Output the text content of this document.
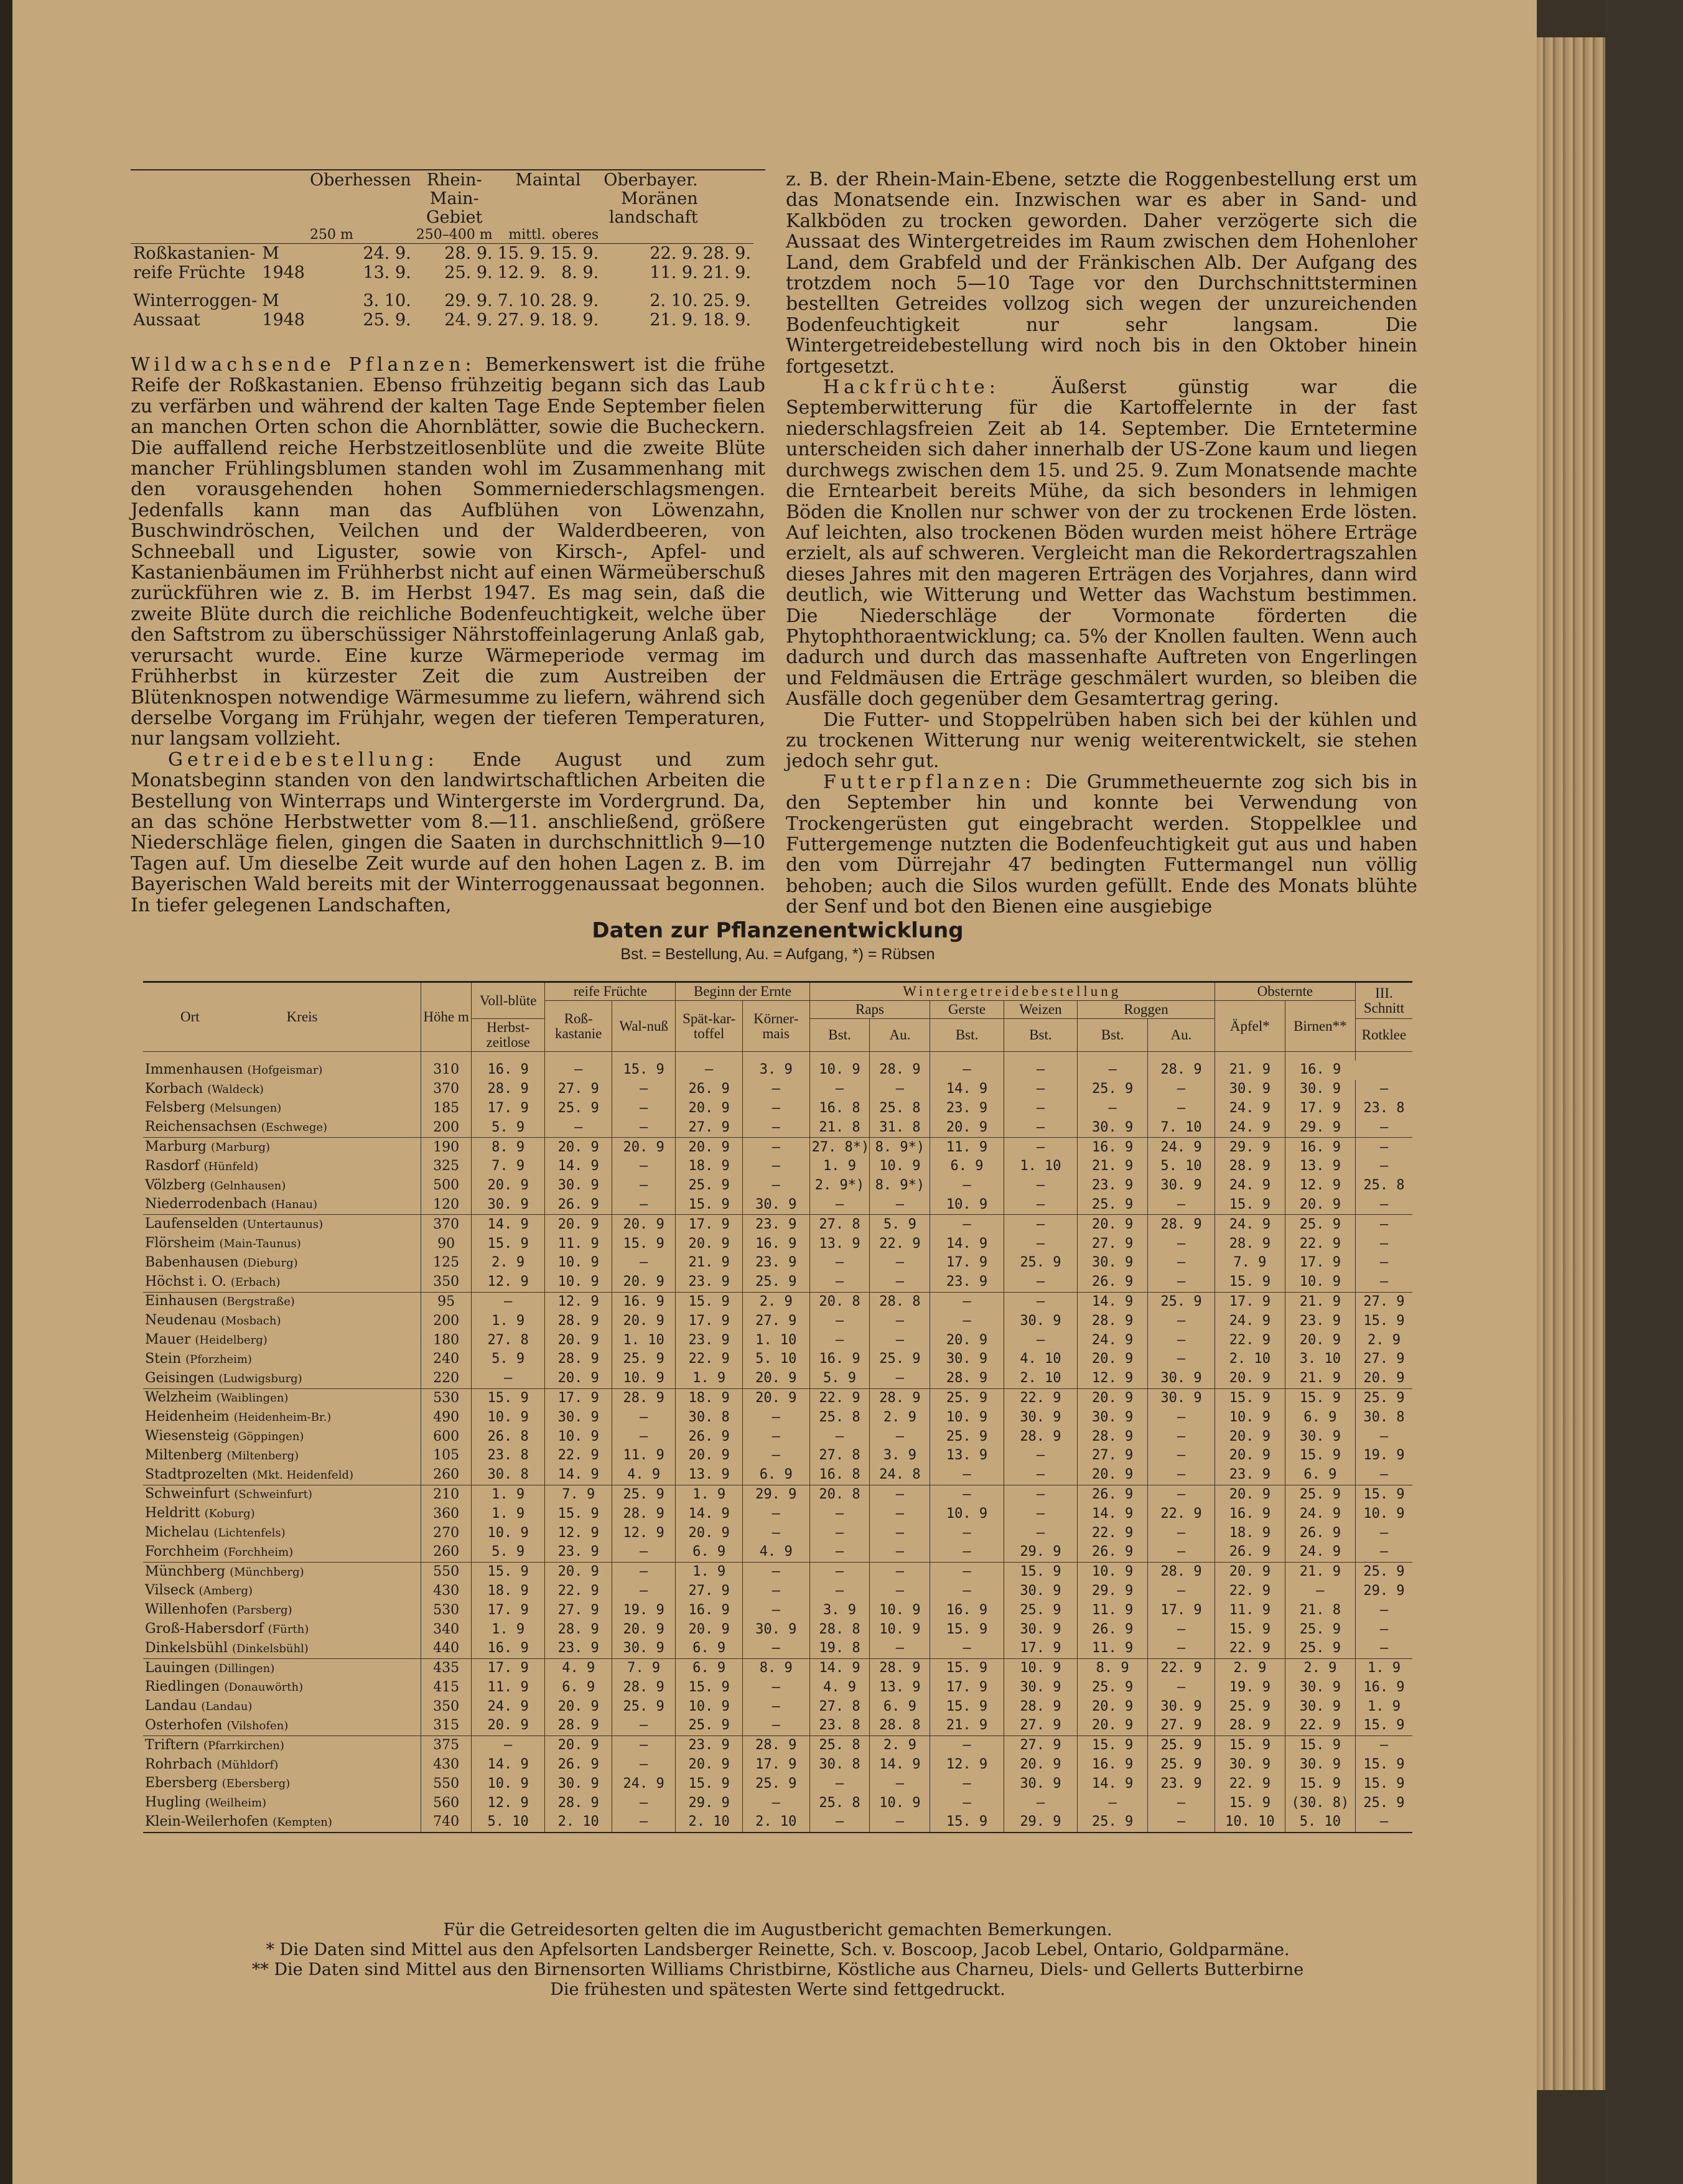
		Oberhessen	Rhein-Main-Gebiet	Maintal		Oberbayer. Moränen landschaft	
		250 m	250–400 m	mittl.	oberes		

Roßkastanien-	M	24. 9.	28. 9.	15. 9.	15. 9.	22. 9.	28. 9.
reife Früchte	1948	13. 9.	25. 9.	12. 9.	8. 9.	11. 9.	21. 9.
Winterroggen-	M	3. 10.	29. 9.	7. 10.	28. 9.	2. 10.	25. 9.
Aussaat	1948	25. 9.	24. 9.	27. 9.	18. 9.	21. 9.	18. 9.

Wildwachsende Pflanzen: Bemerkenswert ist die frühe Reife der Roßkastanien. Ebenso frühzeitig begann sich das Laub zu verfärben und während der kalten Tage Ende September fielen an manchen Orten schon die Ahornblätter, sowie die Bucheckern. Die auffallend reiche Herbstzeitlosenblüte und die zweite Blüte mancher Frühlingsblumen standen wohl im Zusammenhang mit den vorausgehenden hohen Sommerniederschlagsmengen. Jedenfalls kann man das Aufblühen von Löwenzahn, Buschwindröschen, Veilchen und der Walderdbeeren, von Schneeball und Liguster, sowie von Kirsch-, Apfel- und Kastanienbäumen im Frühherbst nicht auf einen Wärmeüberschuß zurückführen wie z. B. im Herbst 1947. Es mag sein, daß die zweite Blüte durch die reichliche Bodenfeuchtigkeit, welche über den Saftstrom zu überschüssiger Nährstoffeinlagerung Anlaß gab, verursacht wurde. Eine kurze Wärmeperiode vermag im Frühherbst in kürzester Zeit die zum Austreiben der Blütenknospen notwendige Wärmesumme zu liefern, während sich derselbe Vorgang im Frühjahr, wegen der tieferen Temperaturen, nur langsam vollzieht.

Getreidebestellung: Ende August und zum Monatsbeginn standen von den landwirtschaftlichen Arbeiten die Bestellung von Winterraps und Wintergerste im Vordergrund. Da, an das schöne Herbstwetter vom 8.—11. anschließend, größere Niederschläge fielen, gingen die Saaten in durchschnittlich 9—10 Tagen auf. Um dieselbe Zeit wurde auf den hohen Lagen z. B. im Bayerischen Wald bereits mit der Winterroggenaussaat begonnen. In tiefer gelegenen Landschaften,

z. B. der Rhein-Main-Ebene, setzte die Roggenbestellung erst um das Monatsende ein. Inzwischen war es aber in Sand- und Kalkböden zu trocken geworden. Daher verzögerte sich die Aussaat des Wintergetreides im Raum zwischen dem Hohenloher Land, dem Grabfeld und der Fränkischen Alb. Der Aufgang des trotzdem noch 5—10 Tage vor den Durchschnittsterminen bestellten Getreides vollzog sich wegen der unzureichenden Bodenfeuchtigkeit nur sehr langsam. Die Wintergetreidebestellung wird noch bis in den Oktober hinein fortgesetzt.

Hackfrüchte:	Äußerst günstig war die Septemberwitterung für die Kartoffelernte in der fast niederschlagsfreien Zeit ab 14. September. Die Erntetermine unterscheiden sich daher innerhalb der US-Zone kaum und liegen durchwegs zwischen dem 15. und 25. 9. Zum Monatsende machte die Erntearbeit bereits Mühe, da sich besonders in lehmigen Böden die Knollen nur schwer von der zu trockenen Erde lösten. Auf leichten, also trockenen Böden wurden meist höhere Erträge erzielt, als auf schweren. Vergleicht man die Rekordertragszahlen dieses Jahres mit den mageren Erträgen des Vorjahres, dann wird deutlich, wie Witterung und Wetter das Wachstum bestimmen. Die Niederschläge der Vormonate förderten die Phytophthoraentwicklung; ca. 5% der Knollen faulten. Wenn auch dadurch und durch das massenhafte Auftreten von Engerlingen und Feldmäusen die Erträge geschmälert wurden, so bleiben die Ausfälle doch gegenüber dem Gesamtertrag gering.

Die Futter- und Stoppelrüben haben sich bei der kühlen und zu trockenen Witterung nur wenig weiterentwickelt, sie stehen jedoch sehr gut.

Futterpflanzen: Die Grummetheuernte zog sich bis in den September hin und konnte bei Verwendung von Trockengerüsten gut eingebracht werden. Stoppelklee und Futtergemenge nutzten die Bodenfeuchtigkeit gut aus und haben den vom Dürrejahr 47 bedingten Futtermangel nun völlig behoben; auch die Silos wurden gefüllt. Ende des Monats blühte der Senf und bot den Bienen eine ausgiebige

Daten zur Pflanzenentwicklung
Bst. = Bestellung, Au. = Aufgang, *) = Rübsen
Ort Kreis	Höhe m	Voll-blüte	reife Früchte		Beginn der Ernte		Wintergetreidebestellung						Obsternte		III. Schnitt
			Roß-kastanie	Wal-nuß	Spät-kar-toffel	Körner-mais	Raps		Gerste	Weizen	Roggen		Äpfel*	Birnen**	
		Herbst-zeitlose					Bst.	Au.	Bst.	Bst.	Bst.	Au.			Rotklee

Immenhausen (Hofgeismar)	310	16. 9	—	15. 9	—	3. 9	10. 9	28. 9	—	—	—	28. 9	21. 9	16. 9	
Korbach (Waldeck)	370	28. 9	27. 9	—	26. 9	—	—	—	14. 9	—	25. 9	—	30. 9	30. 9	—
Felsberg (Melsungen)	185	17. 9	25. 9	—	20. 9	—	16. 8	25. 8	23. 9	—	—	—	24. 9	17. 9	23. 8
Reichensachsen (Eschwege)	200	5. 9	—	—	27. 9	—	21. 8	31. 8	20. 9	—	30. 9	7. 10	24. 9	29. 9	—
Marburg (Marburg)	190	8. 9	20. 9	20. 9	20. 9	—	27. 8*)	8. 9*)	11. 9	—	16. 9	24. 9	29. 9	16. 9	—
Rasdorf (Hünfeld)	325	7. 9	14. 9	—	18. 9	—	1. 9	10. 9	6. 9	1. 10	21. 9	5. 10	28. 9	13. 9	—
Völzberg (Gelnhausen)	500	20. 9	30. 9	—	25. 9	—	2. 9*)	8. 9*)	—	—	23. 9	30. 9	24. 9	12. 9	25. 8
Niederrodenbach (Hanau)	120	30. 9	26. 9	—	15. 9	30. 9	—	—	10. 9	—	25. 9	—	15. 9	20. 9	—
Laufenselden (Untertaunus)	370	14. 9	20. 9	20. 9	17. 9	23. 9	27. 8	5. 9	—	—	20. 9	28. 9	24. 9	25. 9	—
Flörsheim (Main-Taunus)	90	15. 9	11. 9	15. 9	20. 9	16. 9	13. 9	22. 9	14. 9	—	27. 9	—	28. 9	22. 9	—
Babenhausen (Dieburg)	125	2. 9	10. 9	—	21. 9	23. 9	—	—	17. 9	25. 9	30. 9	—	7. 9	17. 9	—
Höchst i. O. (Erbach)	350	12. 9	10. 9	20. 9	23. 9	25. 9	—	—	23. 9	—	26. 9	—	15. 9	10. 9	—
Einhausen (Bergstraße)	95	—	12. 9	16. 9	15. 9	2. 9	20. 8	28. 8	—	—	14. 9	25. 9	17. 9	21. 9	27. 9
Neudenau (Mosbach)	200	1. 9	28. 9	20. 9	17. 9	27. 9	—	—	—	30. 9	28. 9	—	24. 9	23. 9	15. 9
Mauer (Heidelberg)	180	27. 8	20. 9	1. 10	23. 9	1. 10	—	—	20. 9	—	24. 9	—	22. 9	20. 9	2. 9
Stein (Pforzheim)	240	5. 9	28. 9	25. 9	22. 9	5. 10	16. 9	25. 9	30. 9	4. 10	20. 9	—	2. 10	3. 10	27. 9
Geisingen (Ludwigsburg)	220	—	20. 9	10. 9	1. 9	20. 9	5. 9	—	28. 9	2. 10	12. 9	30. 9	20. 9	21. 9	20. 9
Welzheim (Waiblingen)	530	15. 9	17. 9	28. 9	18. 9	20. 9	22. 9	28. 9	25. 9	22. 9	20. 9	30. 9	15. 9	15. 9	25. 9
Heidenheim (Heidenheim-Br.)	490	10. 9	30. 9	—	30. 8	—	25. 8	2. 9	10. 9	30. 9	30. 9	—	10. 9	6. 9	30. 8
Wiesensteig (Göppingen)	600	26. 8	10. 9	—	26. 9	—	—	—	25. 9	28. 9	28. 9	—	20. 9	30. 9	—
Miltenberg (Miltenberg)	105	23. 8	22. 9	11. 9	20. 9	—	27. 8	3. 9	13. 9	—	27. 9	—	20. 9	15. 9	19. 9
Stadtprozelten (Mkt. Heidenfeld)	260	30. 8	14. 9	4. 9	13. 9	6. 9	16. 8	24. 8	—	—	20. 9	—	23. 9	6. 9	—
Schweinfurt (Schweinfurt)	210	1. 9	7. 9	25. 9	1. 9	29. 9	20. 8	—	—	—	26. 9	—	20. 9	25. 9	15. 9
Heldritt (Koburg)	360	1. 9	15. 9	28. 9	14. 9	—	—	—	10. 9	—	14. 9	22. 9	16. 9	24. 9	10. 9
Michelau (Lichtenfels)	270	10. 9	12. 9	12. 9	20. 9	—	—	—	—	—	22. 9	—	18. 9	26. 9	—
Forchheim (Forchheim)	260	5. 9	23. 9	—	6. 9	4. 9	—	—	—	29. 9	26. 9	—	26. 9	24. 9	—
Münchberg (Münchberg)	550	15. 9	20. 9	—	1. 9	—	—	—	—	15. 9	10. 9	28. 9	20. 9	21. 9	25. 9
Vilseck (Amberg)	430	18. 9	22. 9	—	27. 9	—	—	—	—	30. 9	29. 9	—	22. 9	—	29. 9
Willenhofen (Parsberg)	530	17. 9	27. 9	19. 9	16. 9	—	3. 9	10. 9	16. 9	25. 9	11. 9	17. 9	11. 9	21. 8	—
Groß-Habersdorf (Fürth)	340	1. 9	28. 9	20. 9	20. 9	30. 9	28. 8	10. 9	15. 9	30. 9	26. 9	—	15. 9	25. 9	—
Dinkelsbühl (Dinkelsbühl)	440	16. 9	23. 9	30. 9	6. 9	—	19. 8	—	—	17. 9	11. 9	—	22. 9	25. 9	—
Lauingen (Dillingen)	435	17. 9	4. 9	7. 9	6. 9	8. 9	14. 9	28. 9	15. 9	10. 9	8. 9	22. 9	2. 9	2. 9	1. 9
Riedlingen (Donauwörth)	415	11. 9	6. 9	28. 9	15. 9	—	4. 9	13. 9	17. 9	30. 9	25. 9	—	19. 9	30. 9	16. 9
Landau (Landau)	350	24. 9	20. 9	25. 9	10. 9	—	27. 8	6. 9	15. 9	28. 9	20. 9	30. 9	25. 9	30. 9	1. 9
Osterhofen (Vilshofen)	315	20. 9	28. 9	—	25. 9	—	23. 8	28. 8	21. 9	27. 9	20. 9	27. 9	28. 9	22. 9	15. 9
Triftern (Pfarrkirchen)	375	—	20. 9	—	23. 9	28. 9	25. 8	2. 9	—	27. 9	15. 9	25. 9	15. 9	15. 9	—
Rohrbach (Mühldorf)	430	14. 9	26. 9	—	20. 9	17. 9	30. 8	14. 9	12. 9	20. 9	16. 9	25. 9	30. 9	30. 9	15. 9
Ebersberg (Ebersberg)	550	10. 9	30. 9	24. 9	15. 9	25. 9	—	—	—	30. 9	14. 9	23. 9	22. 9	15. 9	15. 9
Hugling (Weilheim)	560	12. 9	28. 9	—	29. 9	—	25. 8	10. 9	—	—	—	—	15. 9	(30. 8)	25. 9
Klein-Weilerhofen (Kempten)	740	5. 10	2. 10	—	2. 10	2. 10	—	—	15. 9	29. 9	25. 9	—	10. 10	5. 10	—

Für die Getreidesorten gelten die im Augustbericht gemachten Bemerkungen.

* Die Daten sind Mittel aus den Apfelsorten Landsberger Reinette, Sch. v. Boscoop, Jacob Lebel, Ontario, Goldparmäne.

** Die Daten sind Mittel aus den Birnensorten Williams Christbirne, Köstliche aus Charneu, Diels- und Gellerts Butterbirne

Die frühesten und spätesten Werte sind fettgedruckt.
